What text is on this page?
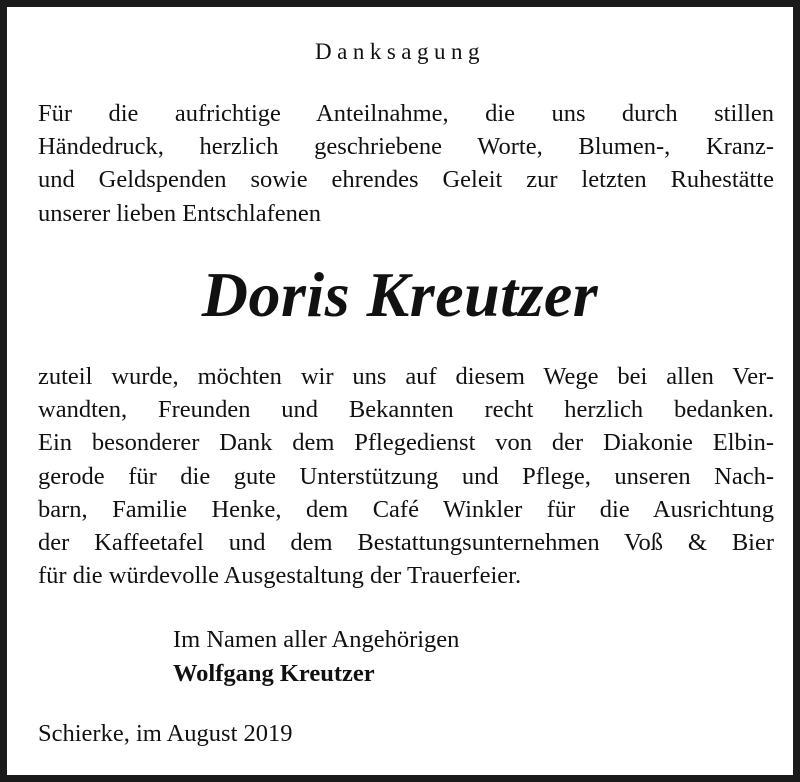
Danksagung
Für die aufrichtige Anteilnahme, die uns durch stillen
Händedruck, herzlich geschriebene Worte, Blumen-, Kranz-
und Geldspenden sowie ehrendes Geleit zur letzten Ruhestätte
unserer lieben Entschlafenen
Doris Kreutzer
zuteil wurde, möchten wir uns auf diesem Wege bei allen Ver-
wandten, Freunden und Bekannten recht herzlich bedanken.
Ein besonderer Dank dem Pflegedienst von der Diakonie Elbin-
gerode für die gute Unterstützung und Pflege, unseren Nach-
barn, Familie Henke, dem Café Winkler für die Ausrichtung
der Kaffeetafel und dem Bestattungsunternehmen Voß & Bier
für die würdevolle Ausgestaltung der Trauerfeier.
Im Namen aller Angehörigen
Wolfgang Kreutzer
Schierke, im August 2019
